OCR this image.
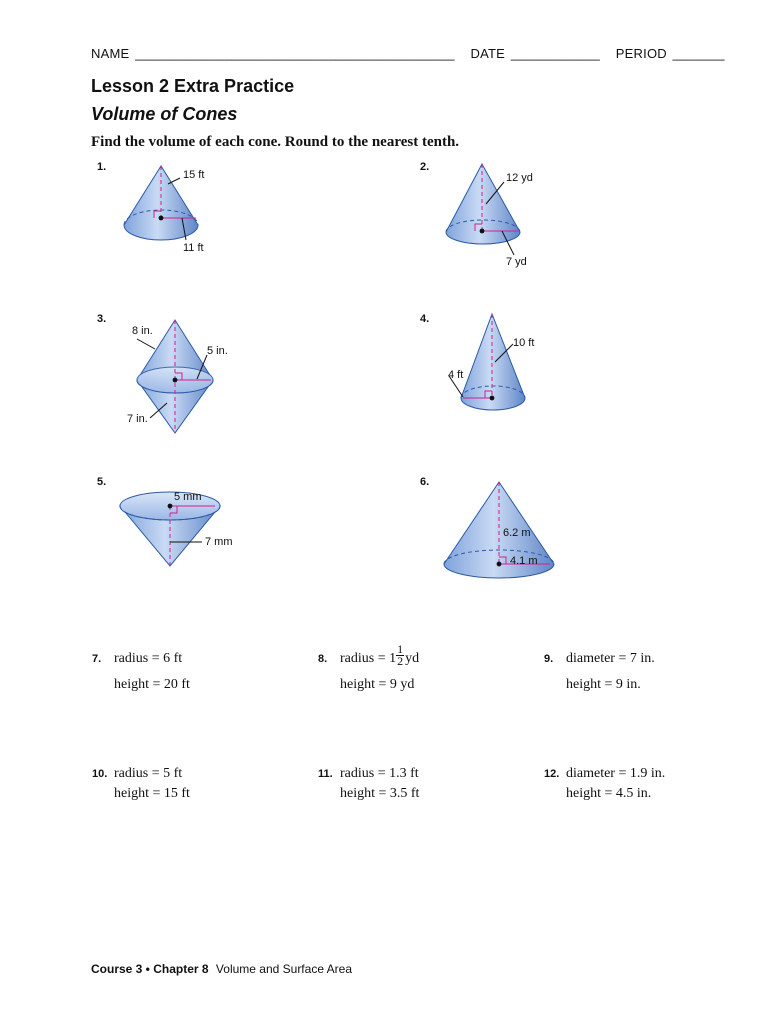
NAME ___________________________________________ DATE ____________ PERIOD _______
Lesson 2 Extra Practice
Volume of Cones
Find the volume of each cone. Round to the nearest tenth.
1.
15 ft
11 ft
2.
12 yd
7 yd
3.
8 in.
5 in.
7 in.
4.
10 ft
4 ft
5.
5 mm
7 mm
6.
6.2 m
4.1 m
7. radius = 6 ft
height = 20 ft
8. radius = $1 \frac{1}{2}$ yd
height = 9 yd
9. diameter = 7 in.
height = 9 in.
10. radius = 5 ft
height = 15 ft
11. radius = 1.3 ft
height = 3.5 ft
12. diameter = 1.9 in.
height = 4.5 in.
Course 3 • Chapter 8 Volume and Surface Area
